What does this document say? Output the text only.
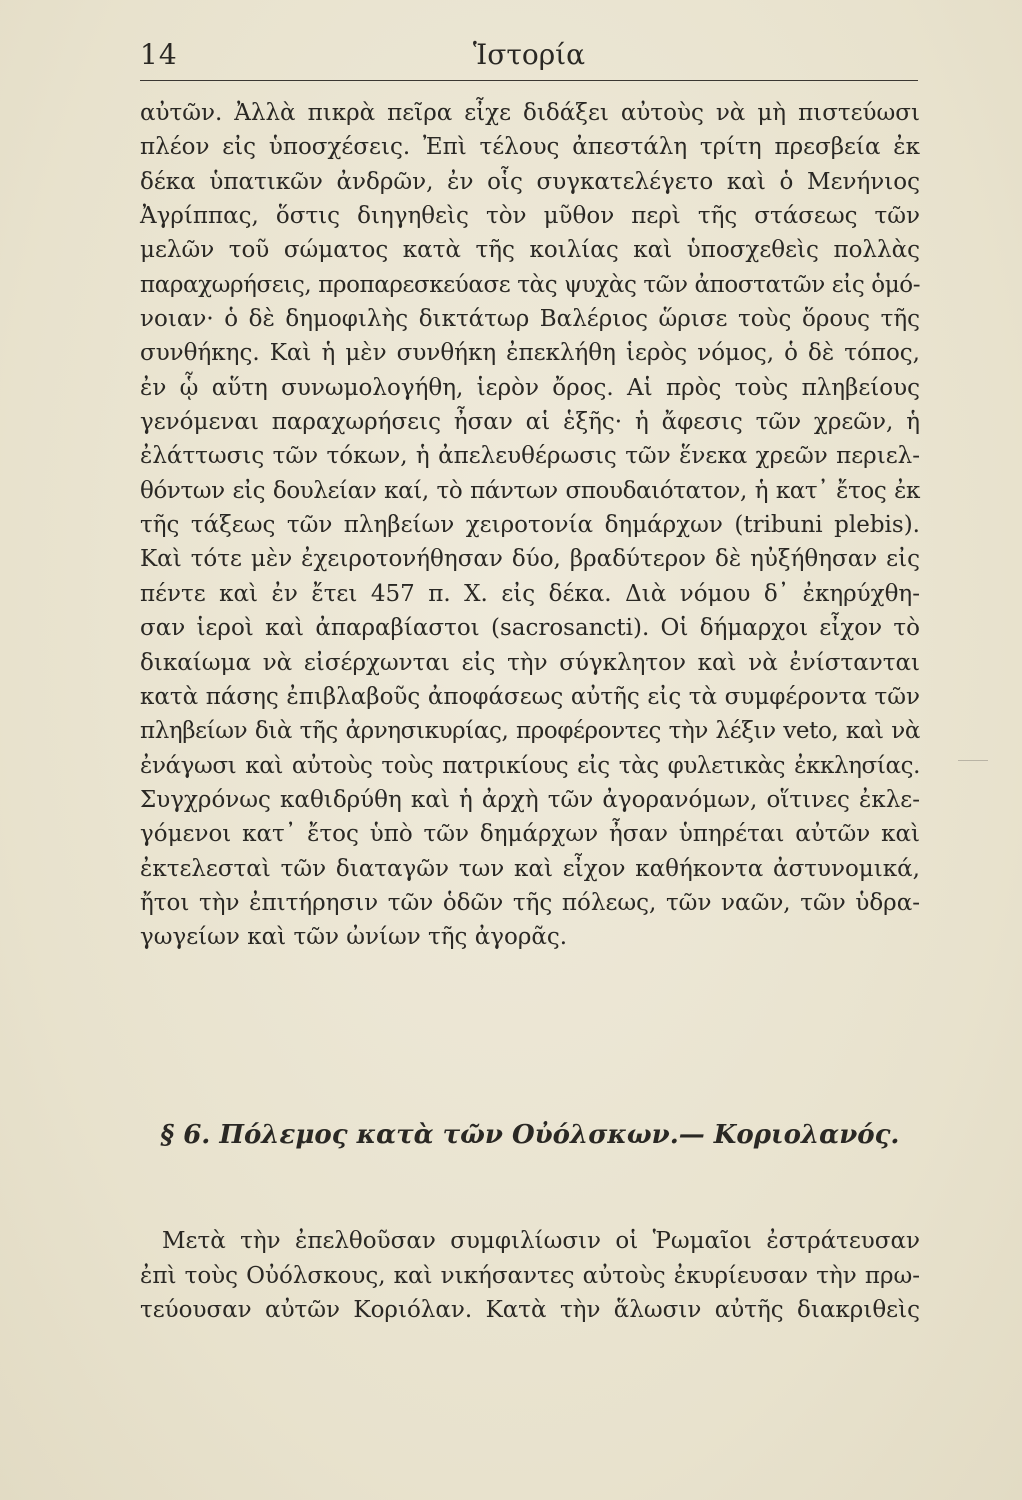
14	Ἱστορία
αὐτῶν. Ἀλλὰ πικρὰ πεῖρα εἶχε διδάξει αὐτοὺς νὰ μὴ πιστεύωσι
πλέον εἰς ὑποσχέσεις. Ἐπὶ τέλους ἀπεστάλη τρίτη πρεσβεία ἐκ
δέκα ὑπατικῶν ἀνδρῶν, ἐν οἷς συγκατελέγετο καὶ ὁ Μενήνιος
Ἀγρίππας, ὅστις διηγηθεὶς τὸν μῦθον περὶ τῆς στάσεως τῶν
μελῶν τοῦ σώματος κατὰ τῆς κοιλίας καὶ ὑποσχεθεὶς πολλὰς
παραχωρήσεις, προπαρεσκεύασε τὰς ψυχὰς τῶν ἀποστατῶν εἰς ὁμό-
νοιαν· ὁ δὲ δημοφιλὴς δικτάτωρ Βαλέριος ὥρισε τοὺς ὅρους τῆς
συνθήκης. Καὶ ἡ μὲν συνθήκη ἐπεκλήθη ἱερὸς νόμος, ὁ δὲ τόπος,
ἐν ᾧ αὕτη συνωμολογήθη, ἱερὸν ὄρος. Αἱ πρὸς τοὺς πληβείους
γενόμεναι παραχωρήσεις ἦσαν αἱ ἑξῆς· ἡ ἄφεσις τῶν χρεῶν, ἡ
ἐλάττωσις τῶν τόκων, ἡ ἀπελευθέρωσις τῶν ἕνεκα χρεῶν περιελ-
θόντων εἰς δουλείαν καί, τὸ πάντων σπουδαιότατον, ἡ κατ᾽ ἔτος ἐκ
τῆς τάξεως τῶν πληβείων χειροτονία δημάρχων (tribuni plebis).
Καὶ τότε μὲν ἐχειροτονήθησαν δύο, βραδύτερον δὲ ηὐξήθησαν εἰς
πέντε καὶ ἐν ἔτει 457 π. Χ. εἰς δέκα. Διὰ νόμου δ᾽ ἐκηρύχθη-
σαν ἱεροὶ καὶ ἀπαραβίαστοι (sacrosancti). Οἱ δήμαρχοι εἶχον τὸ
δικαίωμα νὰ εἰσέρχωνται εἰς τὴν σύγκλητον καὶ νὰ ἐνίστανται
κατὰ πάσης ἐπιβλαβοῦς ἀποφάσεως αὐτῆς εἰς τὰ συμφέροντα τῶν
πληβείων διὰ τῆς ἀρνησικυρίας, προφέροντες τὴν λέξιν veto, καὶ νὰ
ἐνάγωσι καὶ αὐτοὺς τοὺς πατρικίους εἰς τὰς φυλετικὰς ἐκκλησίας.
Συγχρόνως καθιδρύθη καὶ ἡ ἀρχὴ τῶν ἀγορανόμων, οἵτινες ἐκλε-
γόμενοι κατ᾽ ἔτος ὑπὸ τῶν δημάρχων ἦσαν ὑπηρέται αὐτῶν καὶ
ἐκτελεσταὶ τῶν διαταγῶν των καὶ εἶχον καθήκοντα ἀστυνομικά,
ἤτοι τὴν ἐπιτήρησιν τῶν ὁδῶν τῆς πόλεως, τῶν ναῶν, τῶν ὑδρα-
γωγείων καὶ τῶν ὠνίων τῆς ἀγορᾶς.
§ 6. Πόλεμος κατὰ τῶν Οὐόλσκων.— Κοριολανός.
Μετὰ τὴν ἐπελθοῦσαν συμφιλίωσιν οἱ Ῥωμαῖοι ἐστράτευσαν
ἐπὶ τοὺς Οὐόλσκους, καὶ νικήσαντες αὐτοὺς ἐκυρίευσαν τὴν πρω-
τεύουσαν αὐτῶν Κοριόλαν. Κατὰ τὴν ἅλωσιν αὐτῆς διακριθεὶς
